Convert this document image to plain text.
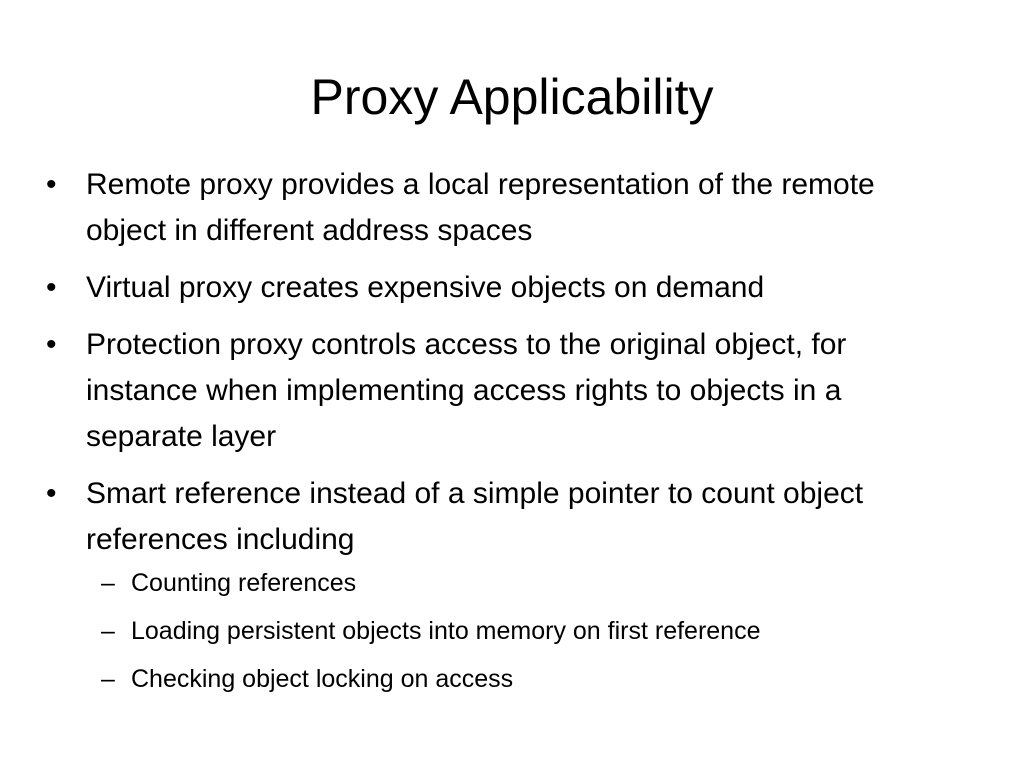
Proxy Applicability
• Remote proxy provides a local representation of the remote object in different address spaces
• Virtual proxy creates expensive objects on demand
• Protection proxy controls access to the original object, for instance when implementing access rights to objects in a separate layer
• Smart reference instead of a simple pointer to count object references including
– Counting references
– Loading persistent objects into memory on first reference
– Checking object locking on access
